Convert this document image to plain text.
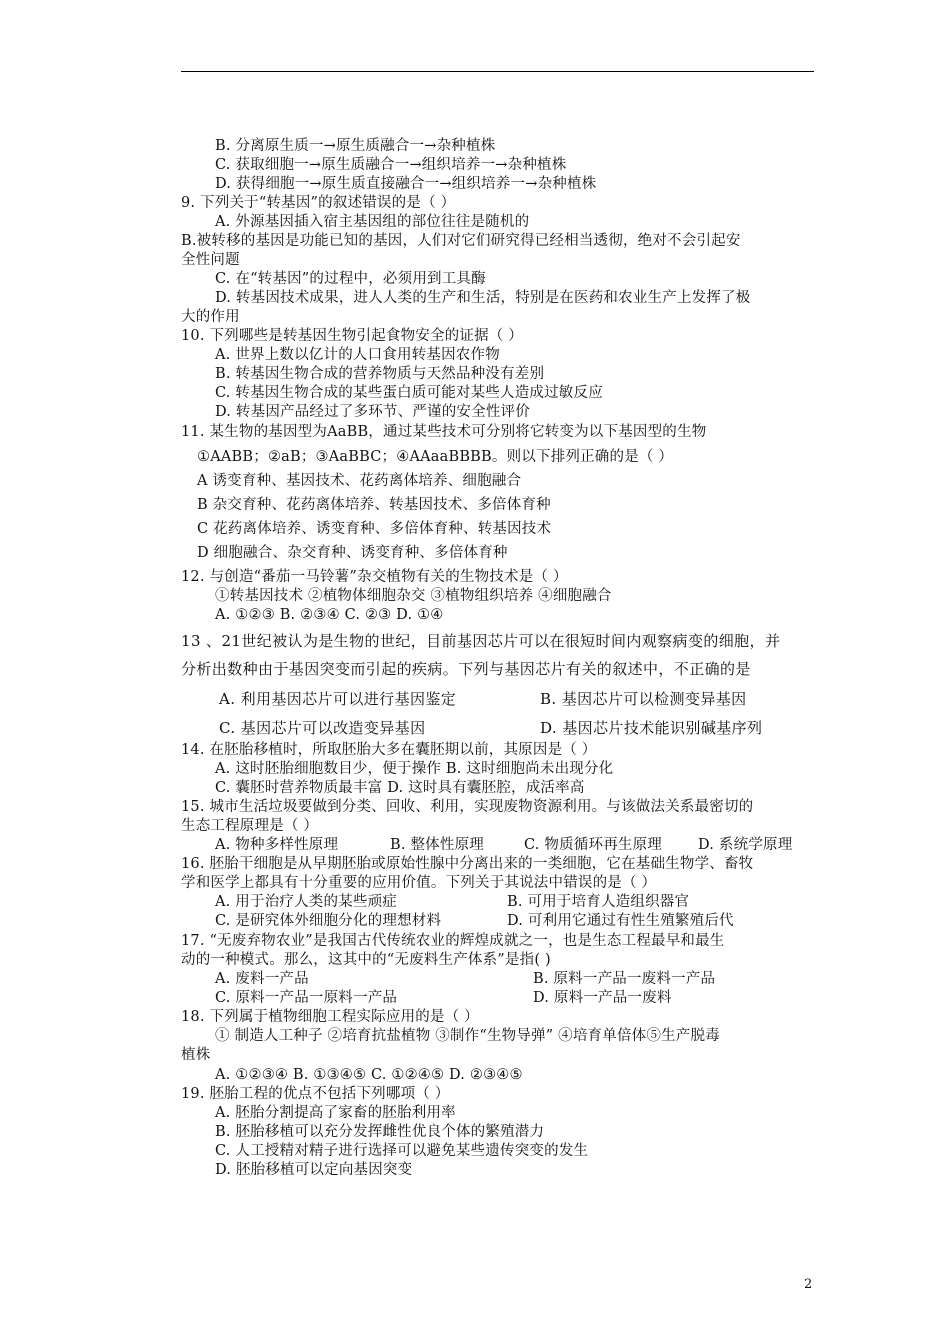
B. 分离原生质一→原生质融合一→杂种植株
C. 获取细胞一→原生质融合一→组织培养一→杂种植株
D. 获得细胞一→原生质直接融合一→组织培养一→杂种植株
9. 下列关于“转基因”的叙述错误的是（ ）
A. 外源基因插入宿主基因组的部位往往是随机的
B.被转移的基因是功能已知的基因，人们对它们研究得已经相当透彻，绝对不会引起安
全性问题
C. 在“转基因”的过程中，必须用到工具酶
D. 转基因技术成果，进人人类的生产和生活，特别是在医药和农业生产上发挥了极
大的作用
10. 下列哪些是转基因生物引起食物安全的证据（ ）
A. 世界上数以亿计的人口食用转基因农作物
B. 转基因生物合成的营养物质与天然品种没有差别
C. 转基因生物合成的某些蛋白质可能对某些人造成过敏反应
D. 转基因产品经过了多环节、严谨的安全性评价
11. 某生物的基因型为AaBB，通过某些技术可分别将它转变为以下基因型的生物
①AABB；②aB；③AaBBC；④AAaaBBBB。则以下排列正确的是（ ）
A 诱变育种、基因技术、花药离体培养、细胞融合
B 杂交育种、花药离体培养、转基因技术、多倍体育种
C 花药离体培养、诱变育种、多倍体育种、转基因技术
D 细胞融合、杂交育种、诱变育种、多倍体育种
12. 与创造“番茄一马铃薯”杂交植物有关的生物技术是（ ）
①转基因技术 ②植物体细胞杂交 ③植物组织培养 ④细胞融合
A. ①②③ B. ②③④ C. ②③ D. ①④
13 、21世纪被认为是生物的世纪，目前基因芯片可以在很短时间内观察病变的细胞，并
分析出数种由于基因突变而引起的疾病。下列与基因芯片有关的叙述中，不正确的是
A. 利用基因芯片可以进行基因鉴定	B. 基因芯片可以检测变异基因
C. 基因芯片可以改造变异基因	D. 基因芯片技术能识别碱基序列
14. 在胚胎移植时，所取胚胎大多在囊胚期以前，其原因是（ ）
A. 这时胚胎细胞数目少，便于操作 B. 这时细胞尚未出现分化
C. 囊胚时营养物质最丰富 D. 这时具有囊胚腔，成活率高
15. 城市生活垃圾要做到分类、回收、利用，实现废物资源利用。与该做法关系最密切的
生态工程原理是（ ）
A. 物种多样性原理	B. 整体性原理	C. 物质循环再生原理 D. 系统学原理
16. 胚胎干细胞是从早期胚胎或原始性腺中分离出来的一类细胞，它在基础生物学、畜牧
学和医学上都具有十分重要的应用价值。下列关于其说法中错误的是（ ）
A. 用于治疗人类的某些顽症	B. 可用于培育人造组织器官
C. 是研究体外细胞分化的理想材料	D. 可利用它通过有性生殖繁殖后代
17. “无废弃物农业”是我国古代传统农业的辉煌成就之一，也是生态工程最早和最生
动的一种模式。那么，这其中的“无废料生产体系”是指( )
A. 废料一产品	B. 原料一产品一废料一产品
C. 原料一产品一原料一产品	D. 原料一产品一废料
18. 下列属于植物细胞工程实际应用的是（ ）
① 制造人工种子 ②培育抗盐植物 ③制作“生物导弹” ④培育单倍体⑤生产脱毒
植株
A. ①②③④ B. ①③④⑤ C. ①②④⑤ D. ②③④⑤
19. 胚胎工程的优点不包括下列哪项（ ）
A. 胚胎分割提高了家畜的胚胎利用率
B. 胚胎移植可以充分发挥雌性优良个体的繁殖潜力
C. 人工授精对精子进行选择可以避免某些遗传突变的发生
D. 胚胎移植可以定向基因突变
2
